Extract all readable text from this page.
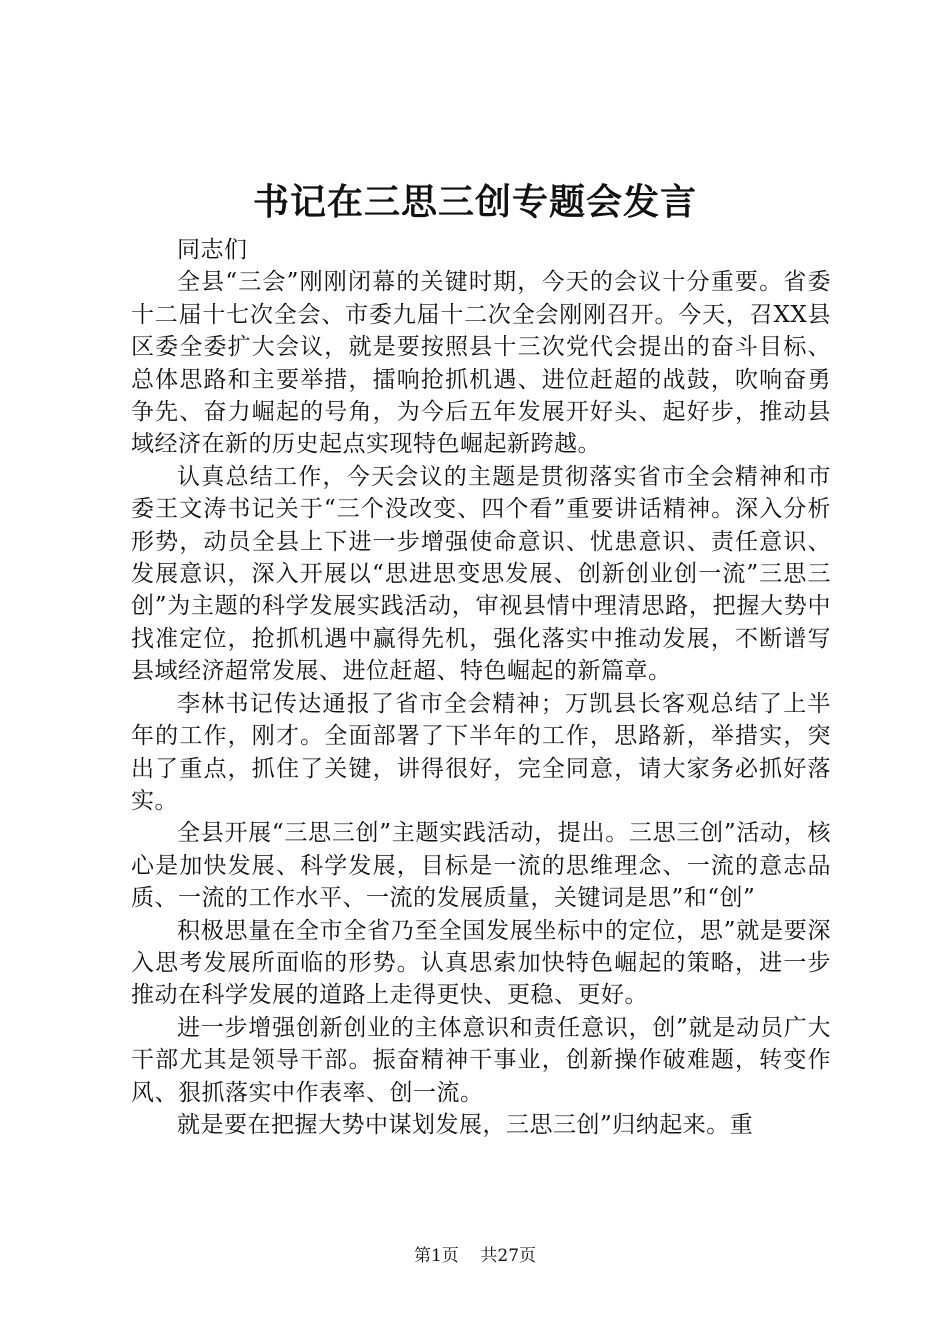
书记在三思三创专题会发言

同志们

全县“三会”刚刚闭幕的关键时期，今天的会议十分重要。省委十二届十七次全会、市委九届十二次全会刚刚召开。今天，召XX县区委全委扩大会议，就是要按照县十三次党代会提出的奋斗目标、总体思路和主要举措，擂响抢抓机遇、进位赶超的战鼓，吹响奋勇争先、奋力崛起的号角，为今后五年发展开好头、起好步，推动县域经济在新的历史起点实现特色崛起新跨越。

认真总结工作，今天会议的主题是贯彻落实省市全会精神和市委王文涛书记关于“三个没改变、四个看”重要讲话精神。深入分析形势，动员全县上下进一步增强使命意识、忧患意识、责任意识、发展意识，深入开展以“思进思变思发展、创新创业创一流”三思三创”为主题的科学发展实践活动，审视县情中理清思路，把握大势中找准定位，抢抓机遇中赢得先机，强化落实中推动发展，不断谱写县域经济超常发展、进位赶超、特色崛起的新篇章。

李林书记传达通报了省市全会精神；万凯县长客观总结了上半年的工作，刚才。全面部署了下半年的工作，思路新，举措实，突出了重点，抓住了关键，讲得很好，完全同意，请大家务必抓好落实。

全县开展“三思三创”主题实践活动，提出。三思三创”活动，核心是加快发展、科学发展，目标是一流的思维理念、一流的意志品质、一流的工作水平、一流的发展质量，关键词是思”和“创”

积极思量在全市全省乃至全国发展坐标中的定位，思”就是要深入思考发展所面临的形势。认真思索加快特色崛起的策略，进一步推动在科学发展的道路上走得更快、更稳、更好。

进一步增强创新创业的主体意识和责任意识，创”就是动员广大干部尤其是领导干部。振奋精神干事业，创新操作破难题，转变作风、狠抓落实中作表率、创一流。

就是要在把握大势中谋划发展，三思三创”归纳起来。重

第1页 共27页
